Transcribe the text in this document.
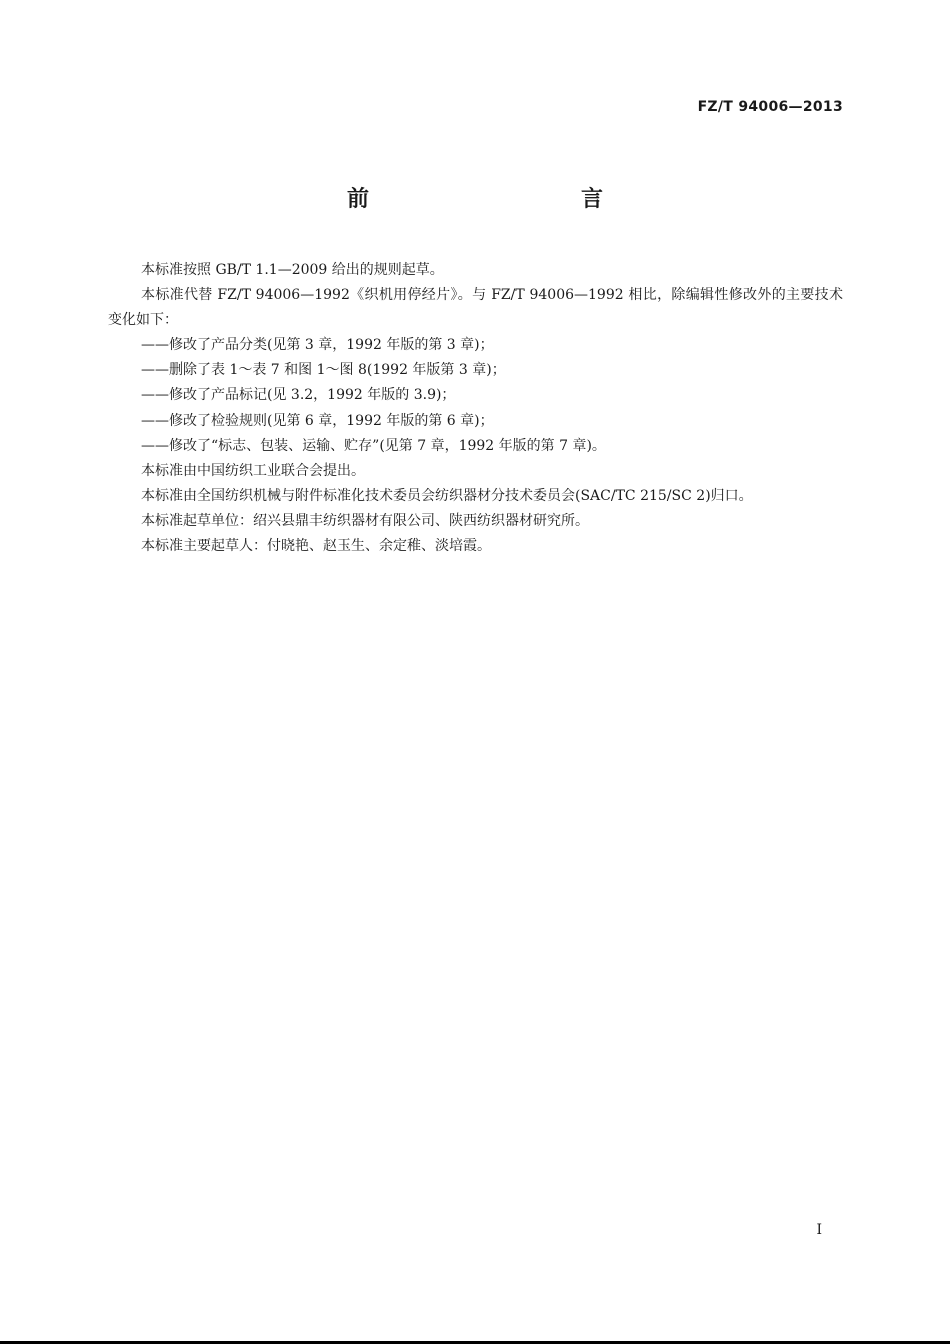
FZ/T 94006—2013
前　　言

本标准按照 GB/T 1.1—2009 给出的规则起草。

本标准代替 FZ/T 94006—1992《织机用停经片》。与 FZ/T 94006—1992 相比，除编辑性修改外的主要技术变化如下：

——修改了产品分类(见第 3 章，1992 年版的第 3 章)；

——删除了表 1～表 7 和图 1～图 8(1992 年版第 3 章)；

——修改了产品标记(见 3.2，1992 年版的 3.9)；

——修改了检验规则(见第 6 章，1992 年版的第 6 章)；

——修改了“标志、包装、运输、贮存”(见第 7 章，1992 年版的第 7 章)。

本标准由中国纺织工业联合会提出。

本标准由全国纺织机械与附件标准化技术委员会纺织器材分技术委员会(SAC/TC 215/SC 2)归口。

本标准起草单位：绍兴县鼎丰纺织器材有限公司、陕西纺织器材研究所。

本标准主要起草人：付晓艳、赵玉生、余定稚、淡培霞。

I
